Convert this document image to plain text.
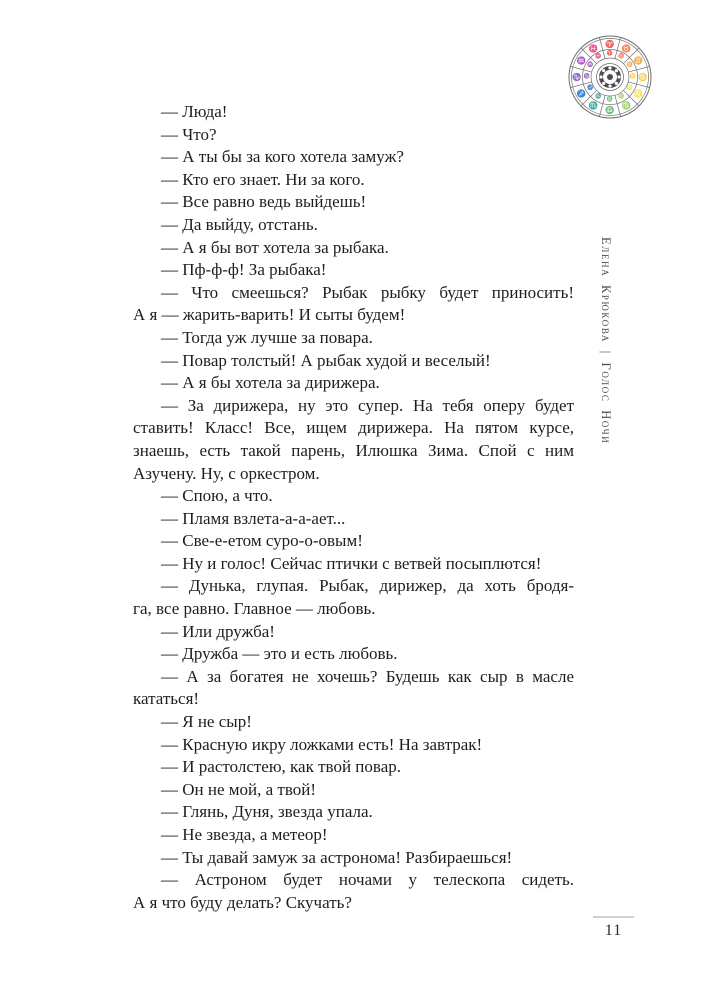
♈
♈
♉
♉ ♊
♊
♋
♋
♌
♌
♍
♍
♎
♎
♏
♏
♐
♐
♑ ♑
♒
♒
♓
♓
Елена Крюкова | Голос Ночи
— Люда!
— Что?
— А ты бы за кого хотела замуж?
— Кто его знает. Ни за кого.
— Все равно ведь выйдешь!
— Да выйду, отстань.
— А я бы вот хотела за рыбака.
— Пф-ф-ф! За рыбака!
— Что смеешься? Рыбак рыбку будет приносить!
А я — жарить-варить! И сыты будем!
— Тогда уж лучше за повара.
— Повар толстый! А рыбак худой и веселый!
— А я бы хотела за дирижера.
— За дирижера, ну это супер. На тебя оперу будет
ставить! Класс! Все, ищем дирижера. На пятом курсе,
знаешь, есть такой парень, Илюшка Зима. Спой с ним
Азучену. Ну, с оркестром.
— Спою, а что.
— Пламя взлета-а-а-ает...
— Све-е-етом суро-о-овым!
— Ну и голос! Сейчас птички с ветвей посыплются!
— Дунька, глупая. Рыбак, дирижер, да хоть бродя-
га, все равно. Главное — любовь.
— Или дружба!
— Дружба — это и есть любовь.
— А за богатея не хочешь? Будешь как сыр в масле
кататься!
— Я не сыр!
— Красную икру ложками есть! На завтрак!
— И растолстею, как твой повар.
— Он не мой, а твой!
— Глянь, Дуня, звезда упала.
— Не звезда, а метеор!
— Ты давай замуж за астронома! Разбираешься!
— Астроном будет ночами у телескопа сидеть.
А я что буду делать? Скучать?
11
